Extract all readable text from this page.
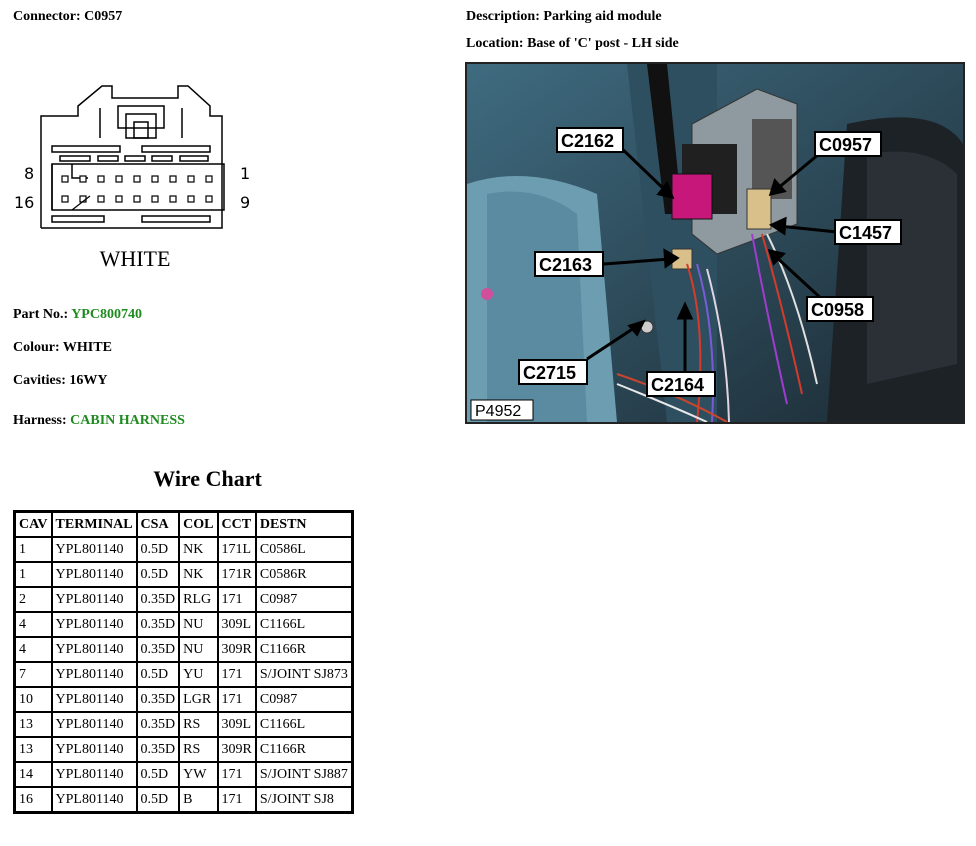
Connector: C0957	Description: Parking aid module
Location: Base of 'C' post - LH side
8
16
1
9
WHITE
Part No.: YPC800740
Colour: WHITE
Cavities: 16WY
Harness: CABIN HARNESS
C2162	C0957
C1457
C2163
C0958
C2715
C2164
P4952
Wire Chart
CAV	TERMINAL	CSA	COL	CCT	DESTN
1	YPL801140	0.5D	NK	171L	C0586L
1	YPL801140	0.5D	NK	171R	C0586R
2	YPL801140	0.35D	RLG	171	C0987
4	YPL801140	0.35D	NU	309L	C1166L
4	YPL801140	0.35D	NU	309R	C1166R
7	YPL801140	0.5D	YU	171	S/JOINT SJ873
10	YPL801140	0.35D	LGR	171	C0987
13	YPL801140	0.35D	RS	309L	C1166L
13	YPL801140	0.35D	RS	309R	C1166R
14	YPL801140	0.5D	YW	171	S/JOINT SJ887
16	YPL801140	0.5D	B	171	S/JOINT SJ8
